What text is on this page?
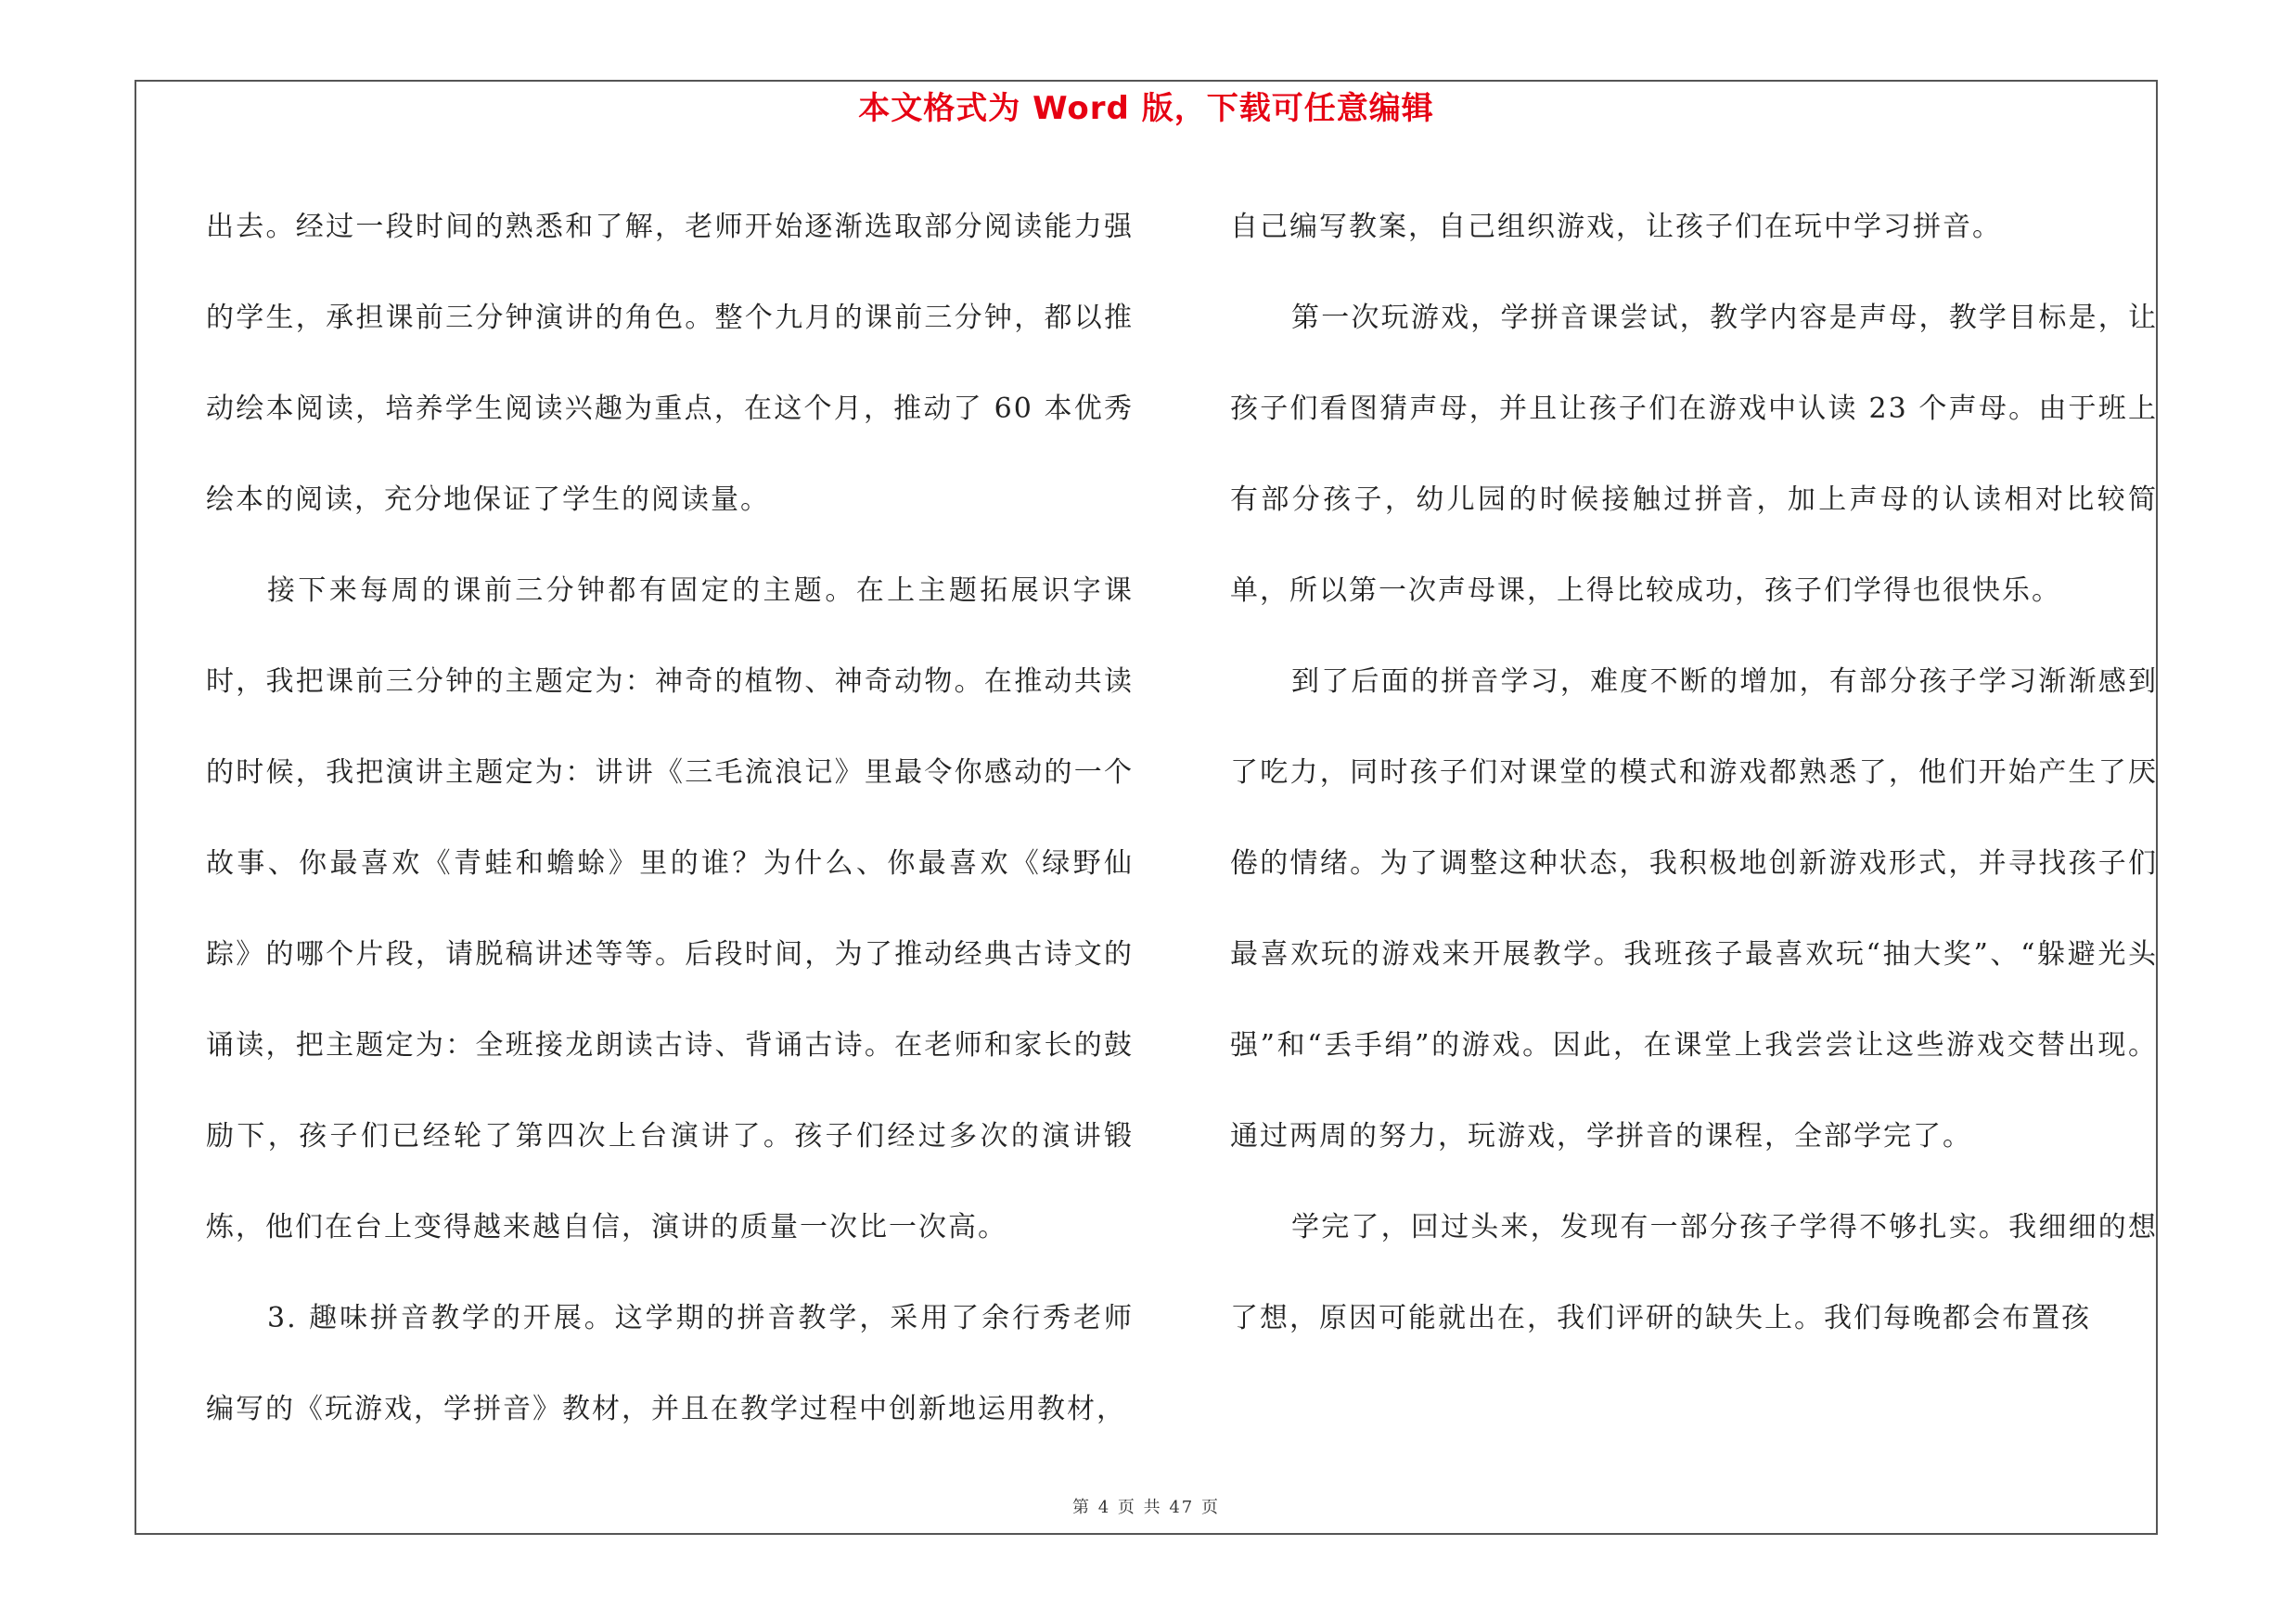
本文格式为 Word 版，下载可任意编辑

出去。经过一段时间的熟悉和了解，老师开始逐渐选取部分阅读能力强的学生，承担课前三分钟演讲的角色。整个九月的课前三分钟，都以推动绘本阅读，培养学生阅读兴趣为重点，在这个月，推动了 60 本优秀绘本的阅读，充分地保证了学生的阅读量。

接下来每周的课前三分钟都有固定的主题。在上主题拓展识字课时，我把课前三分钟的主题定为：神奇的植物、神奇动物。在推动共读的时候，我把演讲主题定为：讲讲《三毛流浪记》里最令你感动的一个故事、你最喜欢《青蛙和蟾蜍》里的谁？为什么、你最喜欢《绿野仙踪》的哪个片段，请脱稿讲述等等。后段时间，为了推动经典古诗文的诵读，把主题定为：全班接龙朗读古诗、背诵古诗。在老师和家长的鼓励下，孩子们已经轮了第四次上台演讲了。孩子们经过多次的演讲锻炼，他们在台上变得越来越自信，演讲的质量一次比一次高。

3. 趣味拼音教学的开展。这学期的拼音教学，采用了余行秀老师编写的《玩游戏，学拼音》教材，并且在教学过程中创新地运用教材，

自己编写教案，自己组织游戏，让孩子们在玩中学习拼音。

第一次玩游戏，学拼音课尝试，教学内容是声母，教学目标是，让孩子们看图猜声母，并且让孩子们在游戏中认读 23 个声母。由于班上有部分孩子，幼儿园的时候接触过拼音，加上声母的认读相对比较简单，所以第一次声母课，上得比较成功，孩子们学得也很快乐。

到了后面的拼音学习，难度不断的增加，有部分孩子学习渐渐感到了吃力，同时孩子们对课堂的模式和游戏都熟悉了，他们开始产生了厌倦的情绪。为了调整这种状态，我积极地创新游戏形式，并寻找孩子们最喜欢玩的游戏来开展教学。我班孩子最喜欢玩“抽大奖”、“躲避光头强”和“丢手绢”的游戏。因此，在课堂上我尝尝让这些游戏交替出现。通过两周的努力，玩游戏，学拼音的课程，全部学完了。

学完了，回过头来，发现有一部分孩子学得不够扎实。我细细的想了想，原因可能就出在，我们评研的缺失上。我们每晚都会布置孩

第 4 页 共 47 页
